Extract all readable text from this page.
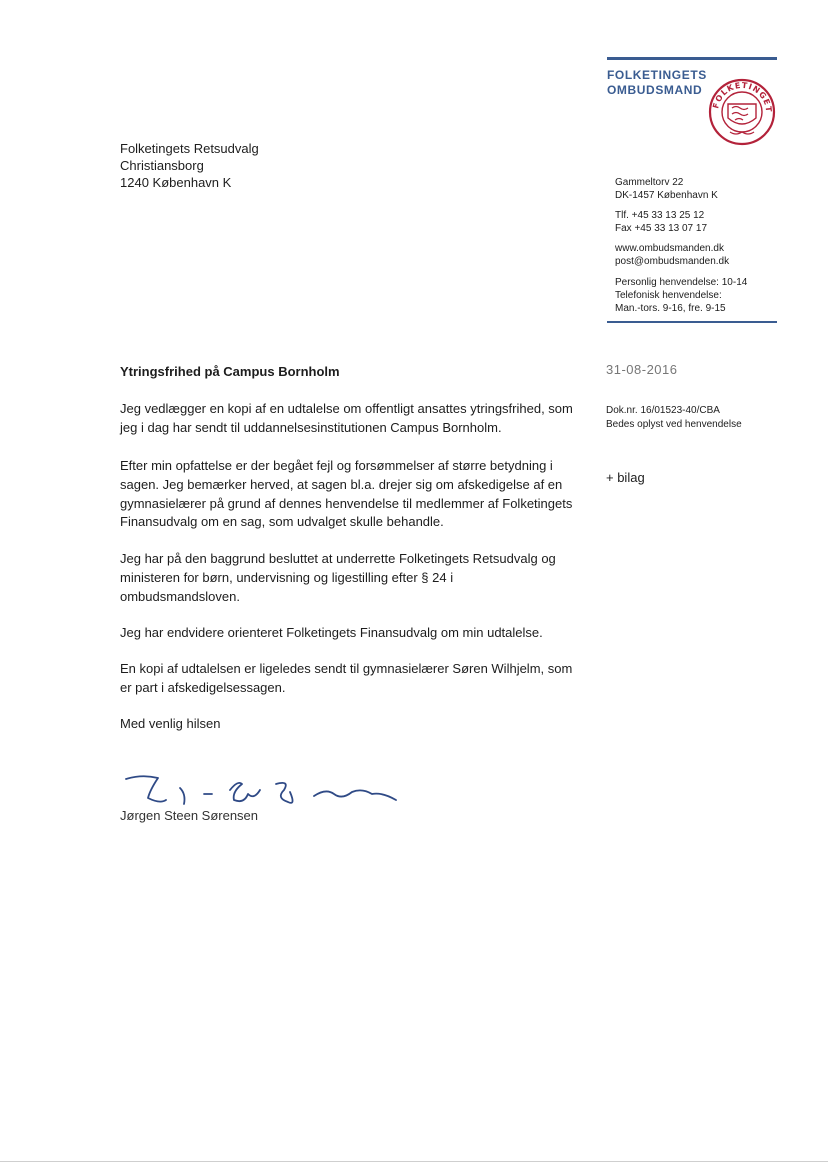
FOLKETINGETS
OMBUDSMAND
FOLKETINGET
Folketingets Retsudvalg
Christiansborg
1240 København K	Gammeltorv 22
DK-1457 København K
Tlf. +45 33 13 25 12
Fax +45 33 13 07 17
www.ombudsmanden.dk
post@ombudsmanden.dk
Personlig henvendelse: 10-14
Telefonisk henvendelse:
Man.-tors. 9-16, fre. 9-15
31-08-2016
Dok.nr. 16/01523-40/CBA
Bedes oplyst ved henvendelse
+ bilag
Ytringsfrihed på Campus Bornholm
Jeg vedlægger en kopi af en udtalelse om offentligt ansattes ytringsfrihed, som jeg i dag har sendt til uddannelsesinstitutionen Campus Bornholm.
Efter min opfattelse er der begået fejl og forsømmelser af større betydning i sagen. Jeg bemærker herved, at sagen bl.a. drejer sig om afskedigelse af en gymnasielærer på grund af dennes henvendelse til medlemmer af Folketingets Finansudvalg om en sag, som udvalget skulle behandle.
Jeg har på den baggrund besluttet at underrette Folketingets Retsudvalg og ministeren for børn, undervisning og ligestilling efter § 24 i ombudsmandsloven.
Jeg har endvidere orienteret Folketingets Finansudvalg om min udtalelse.
En kopi af udtalelsen er ligeledes sendt til gymnasielærer Søren Wilhjelm, som er part i afskedigelsessagen.
Med venlig hilsen
Jørgen Steen Sørensen
